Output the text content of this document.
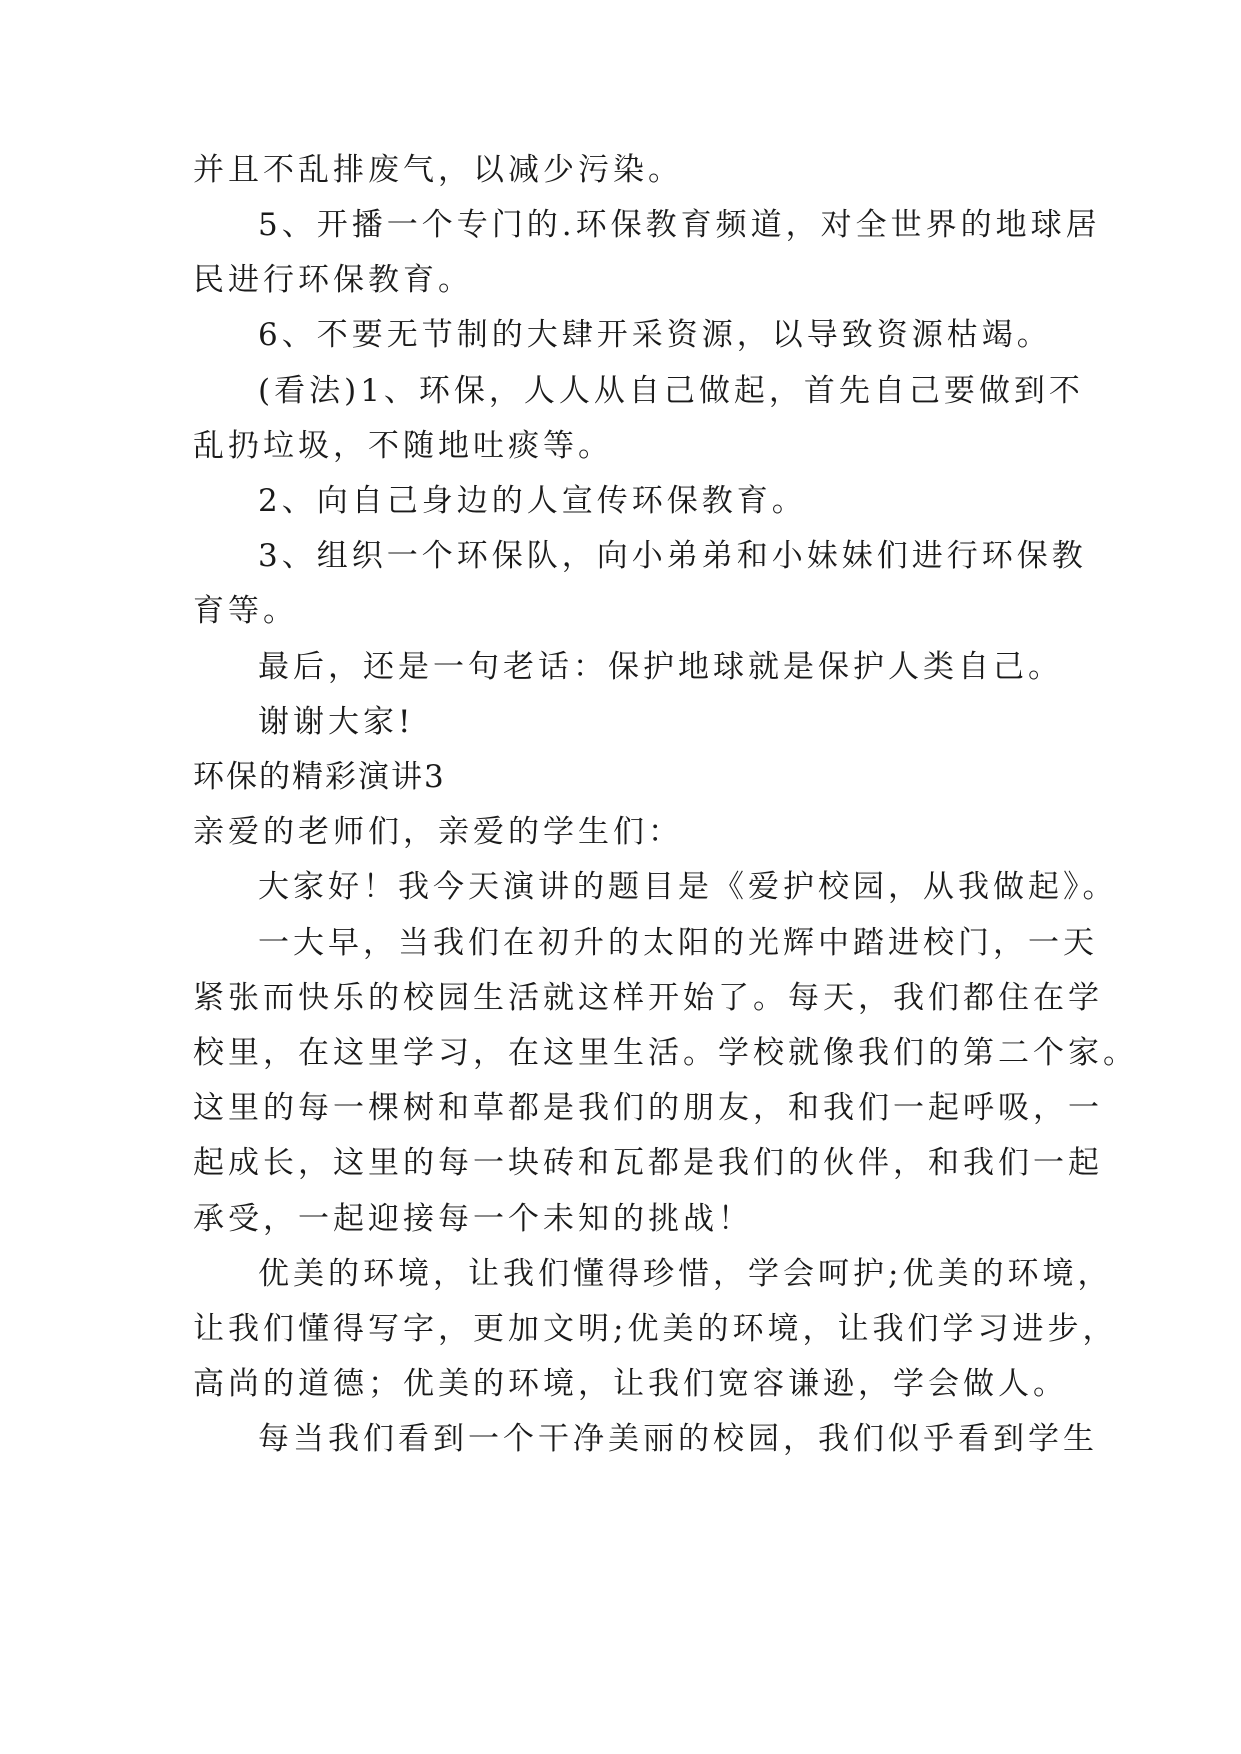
并且不乱排废气，以减少污染。
5、开播一个专门的.环保教育频道，对全世界的地球居
民进行环保教育。
6、不要无节制的大肆开采资源，以导致资源枯竭。
(看法)1、环保，人人从自己做起，首先自己要做到不
乱扔垃圾，不随地吐痰等。
2、向自己身边的人宣传环保教育。
3、组织一个环保队，向小弟弟和小妹妹们进行环保教
育等。
最后，还是一句老话：保护地球就是保护人类自己。
谢谢大家!
环保的精彩演讲3
亲爱的老师们，亲爱的学生们：
大家好！我今天演讲的题目是《爱护校园，从我做起》。
一大早，当我们在初升的太阳的光辉中踏进校门，一天
紧张而快乐的校园生活就这样开始了。每天，我们都住在学
校里，在这里学习，在这里生活。学校就像我们的第二个家。
这里的每一棵树和草都是我们的朋友，和我们一起呼吸，一
起成长，这里的每一块砖和瓦都是我们的伙伴，和我们一起
承受，一起迎接每一个未知的挑战！
优美的环境，让我们懂得珍惜，学会呵护;优美的环境，
让我们懂得写字，更加文明;优美的环境，让我们学习进步，
高尚的道德；优美的环境，让我们宽容谦逊，学会做人。
每当我们看到一个干净美丽的校园，我们似乎看到学生
